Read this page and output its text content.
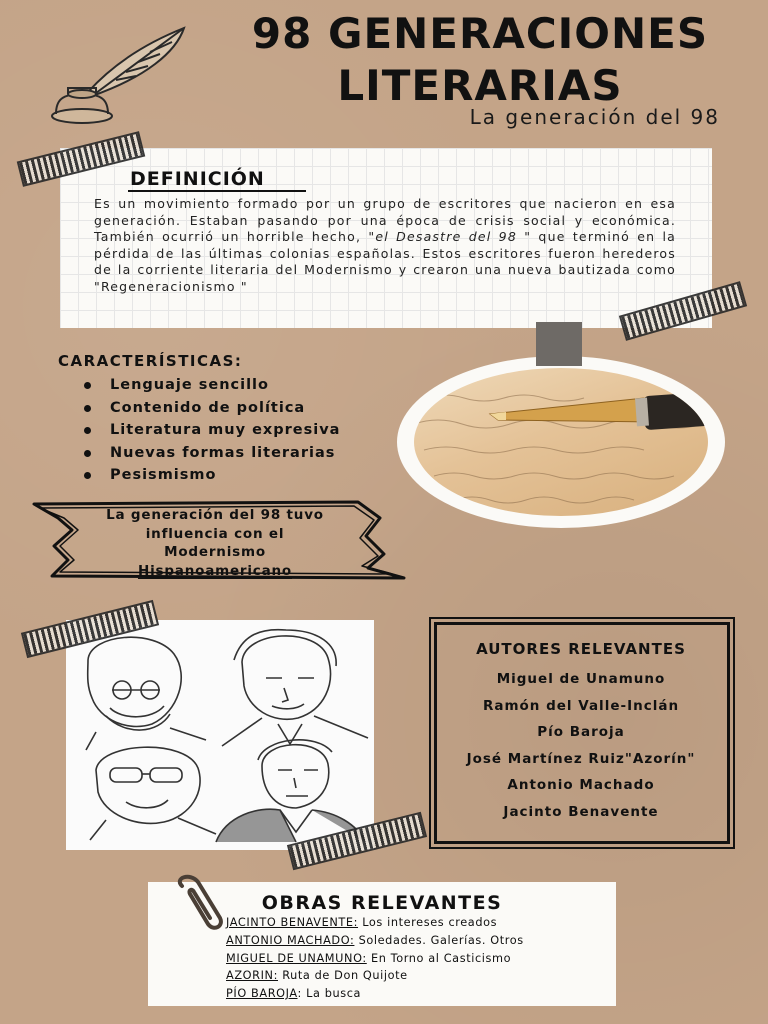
98 GENERACIONES
LITERARIAS
La generación del 98
DEFINICIÓN
Es un movimiento formado por un grupo de escritores que nacieron en esa generación. Estaban pasando por una época de crisis social y económica. También ocurrió un horrible hecho, "el Desastre del 98 " que terminó en la pérdida de las últimas colonias españolas. Estos escritores fueron herederos de la corriente literaria del Modernismo y crearon una nueva bautizada como "Regeneracionismo "
CARACTERÍSTICAS:
Lenguaje sencillo
Contenido de política
Literatura muy expresiva
Nuevas formas literarias
Pesismismo
La generación del 98 tuvo
influencia con el
Modernismo
Hispanoamericano
AUTORES RELEVANTES
Miguel de Unamuno
Ramón del Valle-Inclán
Pío Baroja
José Martínez Ruiz"Azorín"
Antonio Machado
Jacinto Benavente
OBRAS RELEVANTES
JACINTO BENAVENTE: Los intereses creados
ANTONIO MACHADO: Soledades. Galerías. Otros
MIGUEL DE UNAMUNO: En Torno al Casticismo
AZORIN: Ruta de Don Quijote
PÍO BAROJA: La busca
